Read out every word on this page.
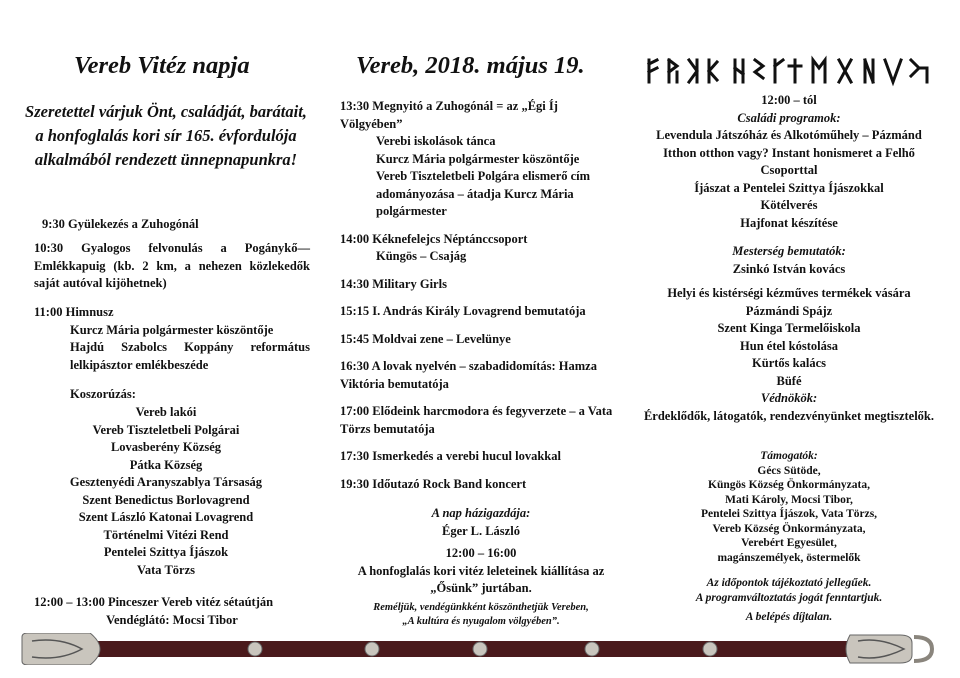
Vereb Vitéz napja
Szeretettel várjuk Önt, családját, barátait, a honfoglalás kori sír 165. évfordulója alkalmából rendezett ünnepnapunkra!
9:30 Gyülekezés a Zuhogónál
10:30 Gyalogos felvonulás a Pogánykő— Emlékkapuig (kb. 2 km, a nehezen közlekedők saját autóval kijöhetnek)
11:00 Himnusz
Kurcz Mária polgármester köszöntője
Hajdú Szabolcs Koppány református lelkipásztor emlékbeszéde
Koszorúzás:
Vereb lakói
Vereb Tiszteletbeli Polgárai
Lovasberény Község
Pátka Község
Gesztenyédi Aranyszablya Társaság
Szent Benedictus Borlovagrend
Szent László Katonai Lovagrend
Történelmi Vitézi Rend
Pentelei Szittya Íjászok
Vata Törzs
12:00 – 13:00 Pinceszer Vereb vitéz sétaútján
Vendéglátó: Mocsi Tibor
Vereb, 2018. május 19.
13:30 Megnyitó a Zuhogónál = az „Égi Íj Völgyében”
Verebi iskolások tánca
Kurcz Mária polgármester köszöntője
Vereb Tiszteletbeli Polgára elismerő cím adományozása – átadja Kurcz Mária polgármester
14:00 Kéknefelejcs Néptánccsoport
Küngös – Csajág
14:30 Military Girls
15:15 I. András Király Lovagrend bemutatója
15:45 Moldvai zene – Levelünye
16:30 A lovak nyelvén – szabadidomítás: Hamza Viktória bemutatója
17:00 Elődeink harcmodora és fegyverzete – a Vata Törzs bemutatója
17:30 Ismerkedés a verebi hucul lovakkal
19:30 Időutazó Rock Band koncert
A nap házigazdája:
Éger L. László
12:00 – 16:00
A honfoglalás kori vitéz leleteinek kiállítása az „Ősünk” jurtában.
Reméljük, vendégünkként köszönthetjük Vereben,
„A kultúra és nyugalom völgyében”.
12:00 – tól
Családi programok:
Levendula Játszóház és Alkotóműhely – Pázmánd
Itthon otthon vagy? Instant honismeret a Felhő Csoporttal
Íjászat a Pentelei Szittya Íjászokkal
Kötélverés
Hajfonat készítése
Mesterség bemutatók:
Zsinkó István kovács
Helyi és kistérségi kézműves termékek vására
Pázmándi Spájz
Szent Kinga Termelőiskola
Hun étel kóstolása
Kürtős kalács
Büfé
Védnökök:
Érdeklődők, látogatók, rendezvényünket megtisztelők.
Támogatók:
Gécs Sütöde,
Küngös Község Önkormányzata,
Mati Károly, Mocsi Tibor,
Pentelei Szittya Íjászok, Vata Törzs,
Vereb Község Önkormányzata,
Verebért Egyesület,
magánszemélyek, östermelők
Az időpontok tájékoztató jellegűek.
A programváltoztatás jogát fenntartjuk.
A belépés díjtalan.
